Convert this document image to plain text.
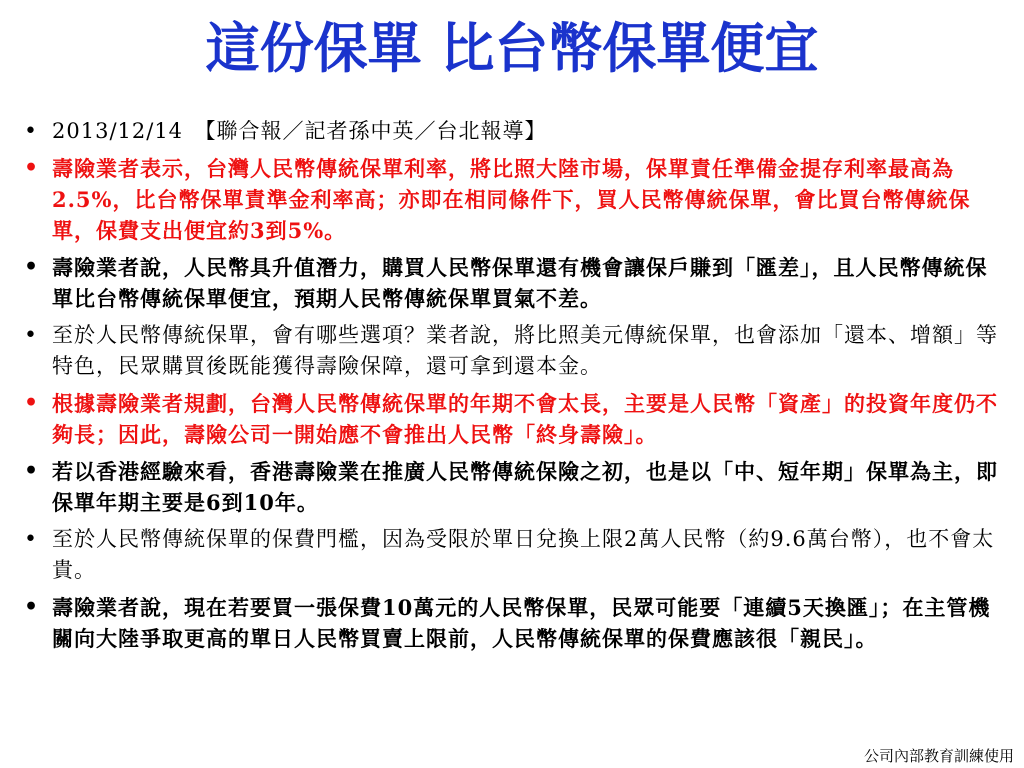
這份保單 比台幣保單便宜
• 2013/12/14　【聯合報／記者孫中英／台北報導】
• 壽險業者表示，台灣人民幣傳統保單利率，將比照大陸市場，保單責任準備金提存利率最高為2.5%，比台幣保單責準金利率高；亦即在相同條件下，買人民幣傳統保單，會比買台幣傳統保單，保費支出便宜約3到5%。
• 壽險業者說，人民幣具升值潛力，購買人民幣保單還有機會讓保戶賺到「匯差」，且人民幣傳統保單比台幣傳統保單便宜，預期人民幣傳統保單買氣不差。
• 至於人民幣傳統保單，會有哪些選項？業者說，將比照美元傳統保單，也會添加「還本、增額」等特色，民眾購買後既能獲得壽險保障，還可拿到還本金。
• 根據壽險業者規劃，台灣人民幣傳統保單的年期不會太長，主要是人民幣「資產」的投資年度仍不夠長；因此，壽險公司一開始應不會推出人民幣「終身壽險」。
• 若以香港經驗來看，香港壽險業在推廣人民幣傳統保險之初，也是以「中、短年期」保單為主，即保單年期主要是6到10年。
• 至於人民幣傳統保單的保費門檻，因為受限於單日兌換上限2萬人民幣（約9.6萬台幣），也不會太貴。
• 壽險業者說，現在若要買一張保費10萬元的人民幣保單，民眾可能要「連續5天換匯」；在主管機關向大陸爭取更高的單日人民幣買賣上限前，人民幣傳統保單的保費應該很「親民」。
公司內部教育訓練使用
